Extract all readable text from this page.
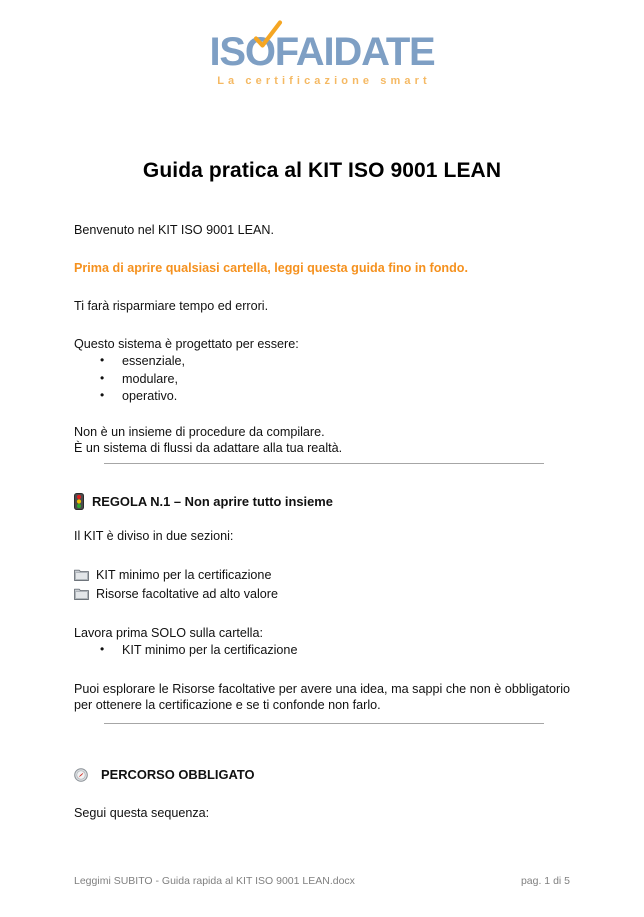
ISO
FAIDATE
La certificazione smart
Guida pratica al KIT ISO 9001 LEAN

Benvenuto nel KIT ISO 9001 LEAN.

Prima di aprire qualsiasi cartella, leggi questa guida fino in fondo.

Ti farà risparmiare tempo ed errori.

Questo sistema è progettato per essere:

• essenziale,
• modulare,
• operativo.

Non è un insieme di procedure da compilare.

È un sistema di flussi da adattare alla tua realtà.

REGOLA N.1 – Non aprire tutto insieme

Il KIT è diviso in due sezioni:

KIT minimo per la certificazione
Risorse facoltative ad alto valore

Lavora prima SOLO sulla cartella:

• KIT minimo per la certificazione

Puoi esplorare le Risorse facoltative per avere una idea, ma sappi che non è obbligatorio per ottenere la certificazione e se ti confonde non farlo.

PERCORSO OBBLIGATO

Segui questa sequenza:

Leggimi SUBITO - Guida rapida al KIT ISO 9001 LEAN.docx	pag. 1 di 5
